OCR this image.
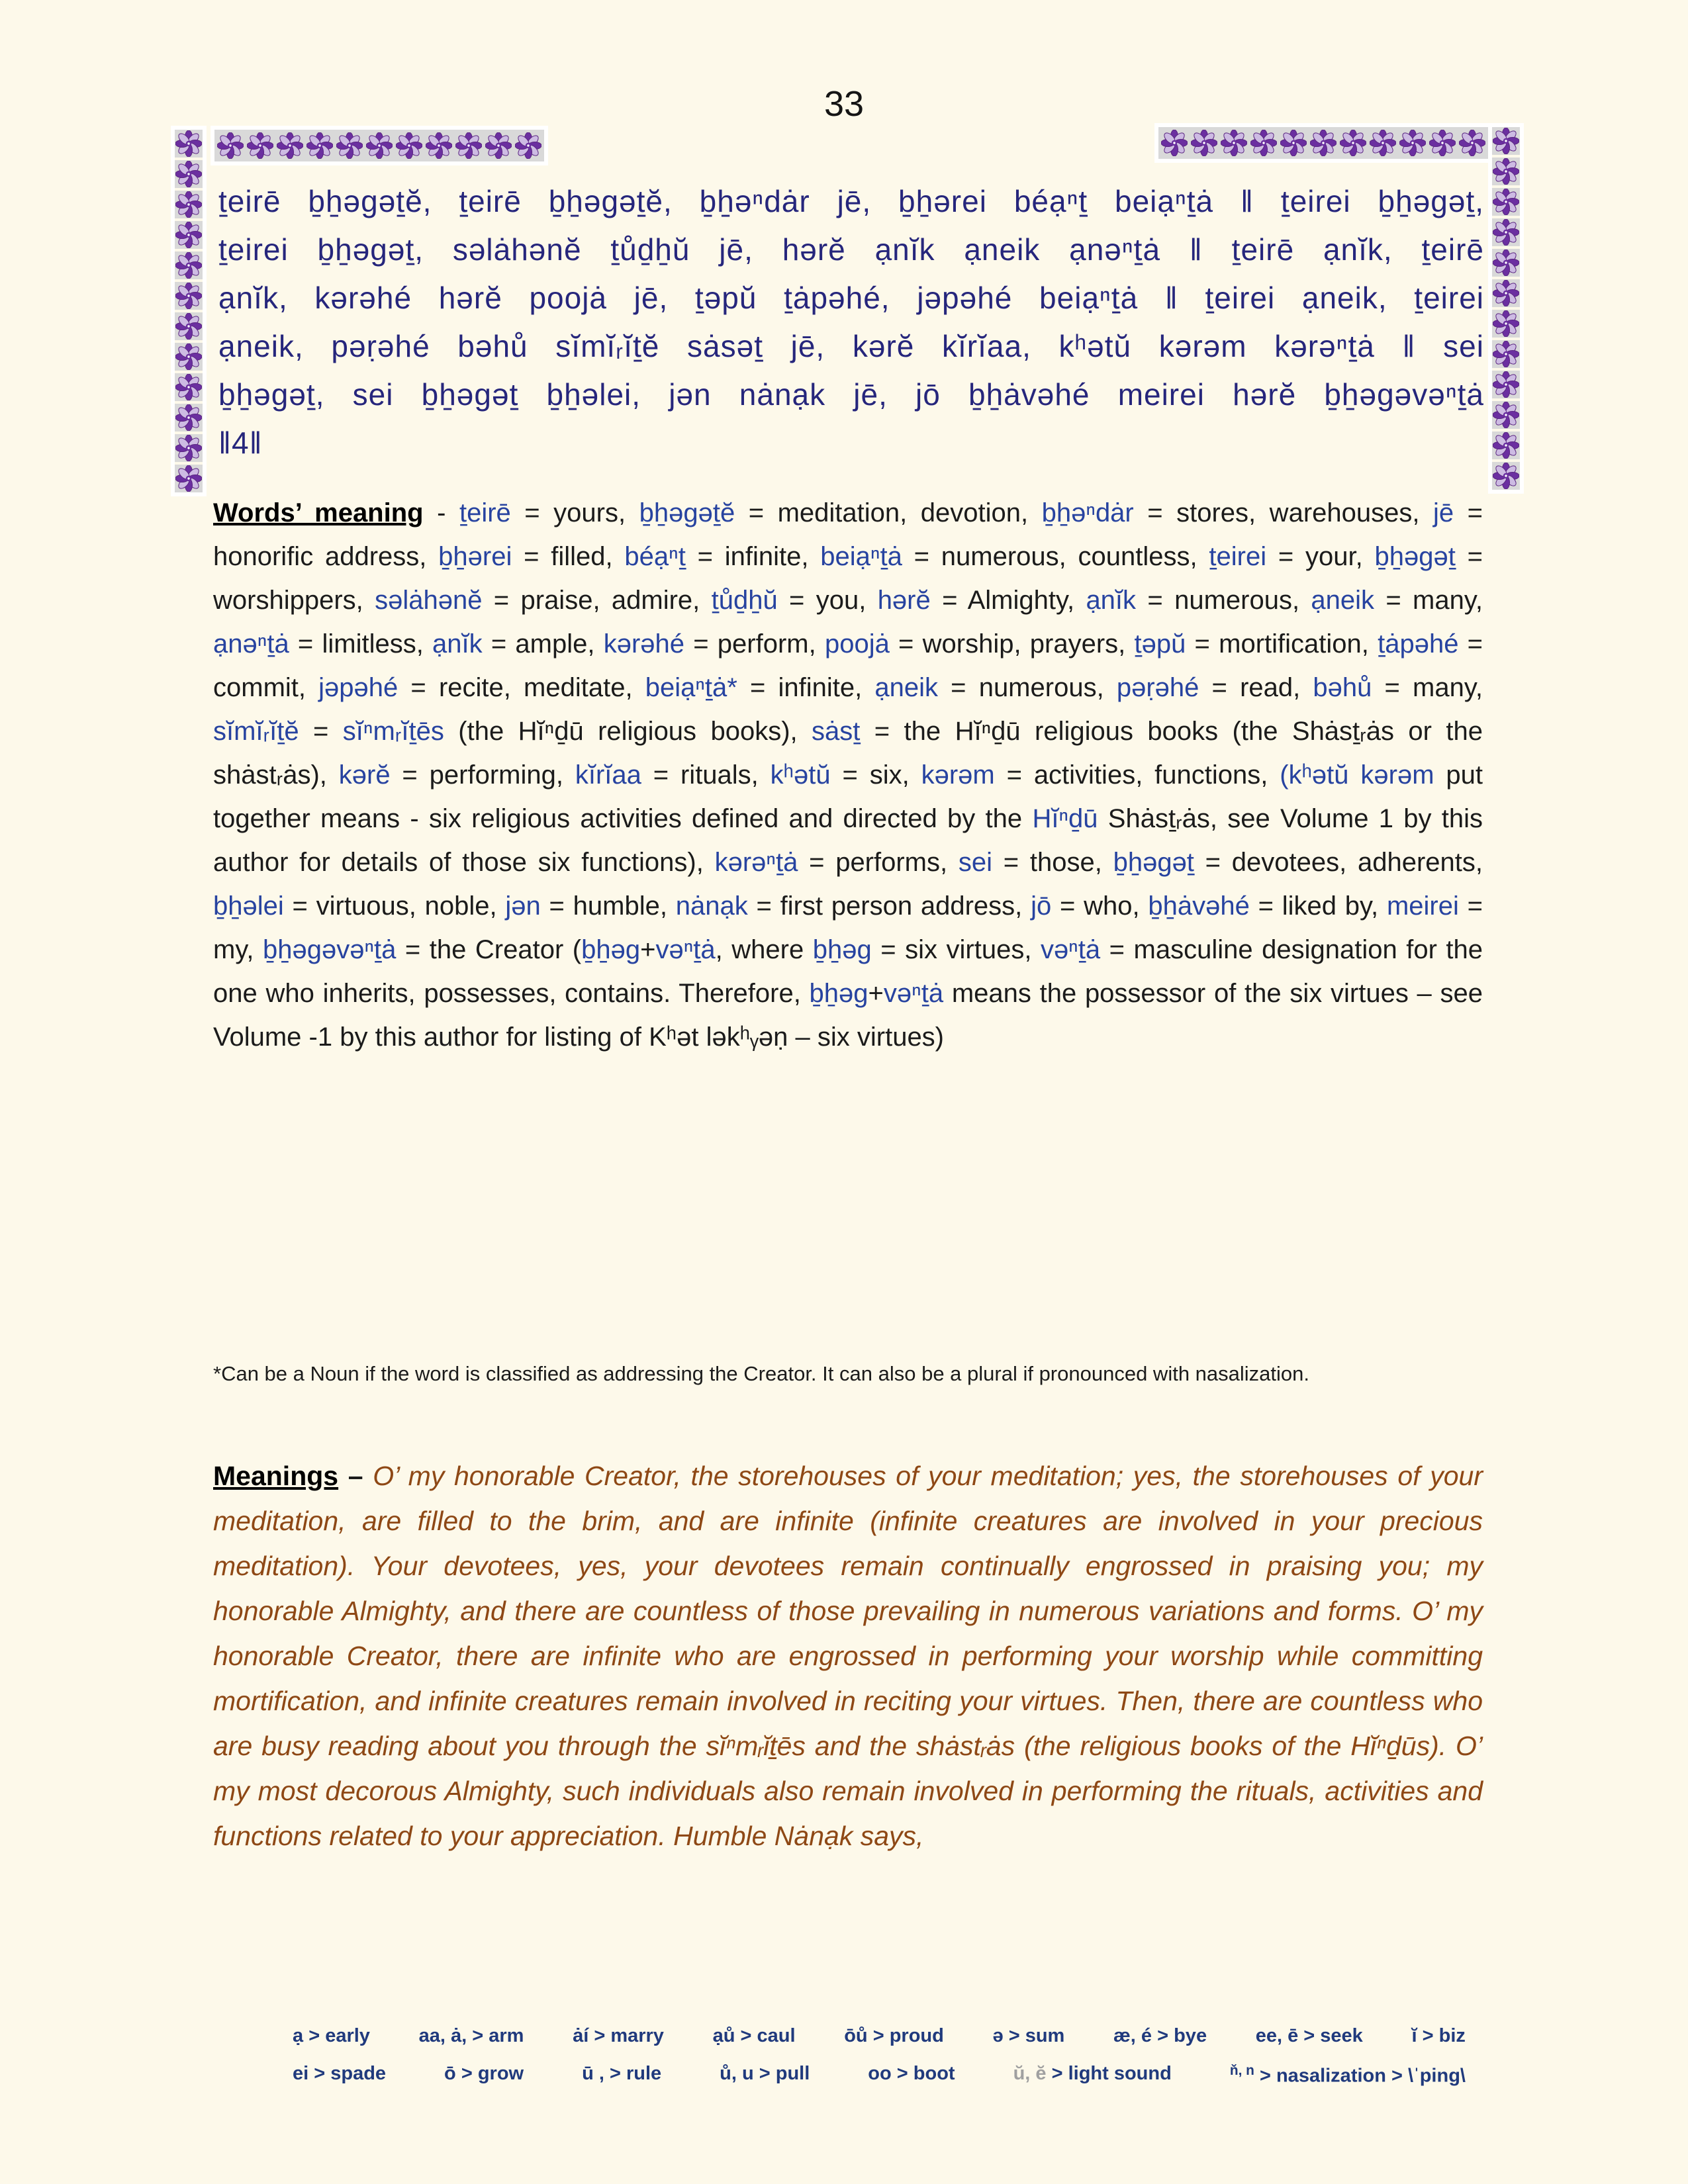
33
ṯeirē ḇẖəgəṯĕ, ṯeirē ḇẖəgəṯĕ, ḇẖəⁿdȧr jē, ḇẖərei béạⁿṯ beiạⁿṯȧ ‖ ṯeirei ḇẖəgəṯ,
ṯeirei ḇẖəgəṯ, səlȧhənĕ ṯůḏẖŭ jē, hərĕ ạnĭk ạneik ạnəⁿṯȧ ‖ ṯeirē ạnĭk, ṯeirē
ạnĭk, kərəhé hərĕ poojȧ jē, ṯəpŭ ṯȧpəhé, jəpəhé beiạⁿṯȧ ‖ ṯeirei ạneik, ṯeirei
ạneik, pəṛəhé bəhů sĭmĭᵣĭṯĕ sȧsəṯ jē, kərĕ kĭrĭaa, kʰətŭ kərəm kərəⁿṯȧ ‖ sei
ḇẖəgəṯ, sei ḇẖəgəṯ ḇẖəlei, jən nȧnạk jē, jō ḇẖȧvəhé meirei hərĕ ḇẖəgəvəⁿṯȧ
‖4‖
Words’ meaning - ṯeirē = yours, ḇẖəgəṯĕ = meditation, devotion, ḇẖəⁿdȧr = stores, warehouses, jē = honorific address, ḇẖərei = filled, béạⁿṯ = infinite, beiạⁿṯȧ = numerous, countless, ṯeirei = your, ḇẖəgəṯ = worshippers, səlȧhənĕ = praise, admire, ṯůḏẖŭ = you, hərĕ = Almighty, ạnĭk = numerous, ạneik = many, ạnəⁿṯȧ = limitless, ạnĭk = ample, kərəhé = perform, poojȧ = worship, prayers, ṯəpŭ = mortification, ṯȧpəhé = commit, jəpəhé = recite, meditate, beiạⁿṯȧ* = infinite, ạneik = numerous, pəṛəhé = read, bəhů = many, sĭmĭᵣĭṯĕ = sĭⁿmᵣĭṯēs (the Hĭⁿḏū religious books), sȧsṯ = the Hĭⁿḏū religious books (the Shȧsṯᵣȧs or the shȧstᵣȧs), kərĕ = performing, kĭrĭaa = rituals, kʰətŭ = six, kərəm = activities, functions, (kʰətŭ kərəm put together means - six religious activities defined and directed by the Hĭⁿḏū Shȧsṯᵣȧs, see Volume 1 by this author for details of those six functions), kərəⁿṯȧ = performs, sei = those, ḇẖəgəṯ = devotees, adherents, ḇẖəlei = virtuous, noble, jən = humble, nȧnạk = first person address, jō = who, ḇẖȧvəhé = liked by, meirei = my, ḇẖəgəvəⁿṯȧ = the Creator (ḇẖəg+vəⁿṯȧ, where ḇẖəg = six virtues, vəⁿṯȧ = masculine designation for the one who inherits, possesses, contains. Therefore, ḇẖəg+vəⁿṯȧ means the possessor of the six virtues – see Volume -1 by this author for listing of Kʰət ləkʰᵧəṇ – six virtues)
*Can be a Noun if the word is classified as addressing the Creator. It can also be a plural if pronounced with nasalization.
Meanings – O’ my honorable Creator, the storehouses of your meditation; yes, the storehouses of your meditation, are filled to the brim, and are infinite (infinite creatures are involved in your precious meditation). Your devotees, yes, your devotees remain continually engrossed in praising you; my honorable Almighty, and there are countless of those prevailing in numerous variations and forms. O’ my honorable Creator, there are infinite who are engrossed in performing your worship while committing mortification, and infinite creatures remain involved in reciting your virtues. Then, there are countless who are busy reading about you through the sĭⁿmᵣĭṯēs and the shȧstᵣȧs (the religious books of the Hĭⁿḏūs). O’ my most decorous Almighty, such individuals also remain involved in performing the rituals, activities and functions related to your appreciation. Humble Nȧnạk says,
ạ > early	aa, ȧ, > arm	ȧí > marry	ạů > caul	ōů > proud	ə > sum	æ, é > bye	ee, ē > seek	ĭ > biz
ei > spade	ō > grow	ū , > rule	ů, u > pull	oo > boot	ŭ, ĕ > light sound	$^{ň, n}$ > nasalization > \ˈping\
